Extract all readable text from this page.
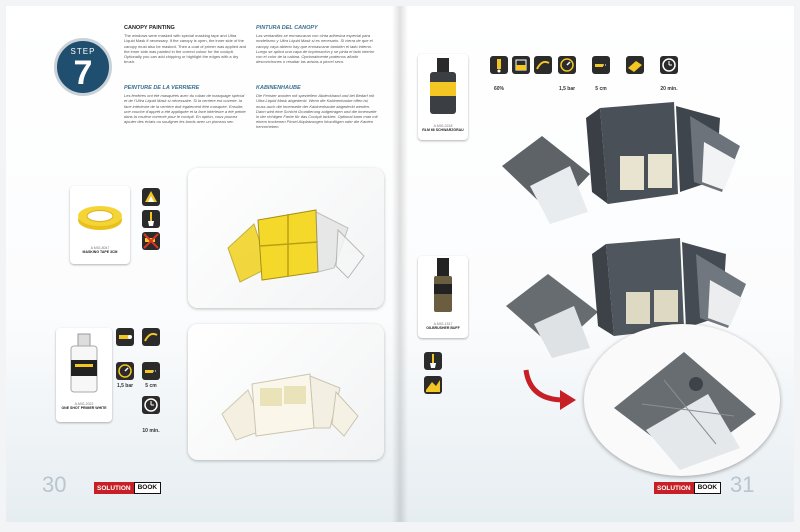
STEP
7
CANOPY PAINTING
The windows were masked with special masking tape and Ultra Liquid Mask if necessary. If the canopy is open, the inner side of the canopy must also be masked. Then a coat of primer was applied and the inner side was painted in the correct colour for the cockpit. Optionally you can add chipping or highlight the edges with a dry brush.
PINTURA DEL CANOPY
Las ventanillas se enmascaran con cinta adhesiva especial para modelismo y Ultra Liquid Mask si es necesario. Si cierra de que el canopy vaya abierto hay que enmascarar también el lado interno. Luego se aplica una capa de imprimación y se pinta el lado interior con el color de la cabina. Opcionalmente podemos añadir desconchones o resaltar las aristas a pincel seco.
PEINTURE DE LA VERRIERE
Les fenêtres ont été masquées avec du ruban de masquage spécial et de l'Ultra Liquid Mask si nécessaire. Si la verrière est ouverte, la face intérieure de la verrière doit également être masquée. Ensuite, une couche d'apprêt a été appliquée et la face intérieure a été peinte dans la couleur correcte pour le cockpit. En option, vous pouvez ajouter des éclats ou souligner les bords avec un pinceau sec.
KABINENHAUBE
Die Fenster wurden mit speziellem Abdeckband und bei Bedarf mit Ultra Liquid Mask abgedeckt. Wenn die Kabinenhaube offen ist, muss auch die Innenseite der Kabinenhaube abgedeckt werden. Dann wird eine Schicht Grundierung aufgetragen und die Innenseite in der richtigen Farbe für das Cockpit lackiert. Optional kann man mit einem trockenen Pinsel Abplatzungen hinzufügen oder die Kanten hervorheben.
A.MIG-8047
MASKING TAPE 3CM
A.MIG-2022
ONE SHOT PRIMER WHITE
1,5 bar	5 cm
10 min.
30	SOLUTION	BOOK
A.MIG-0218
RLM 66 SCHWARZGRAU
60%	1,5 bar	5 cm	20 min.
A.MIG-1517
OILBRUSHER BUFF
SOLUTION	BOOK 31
